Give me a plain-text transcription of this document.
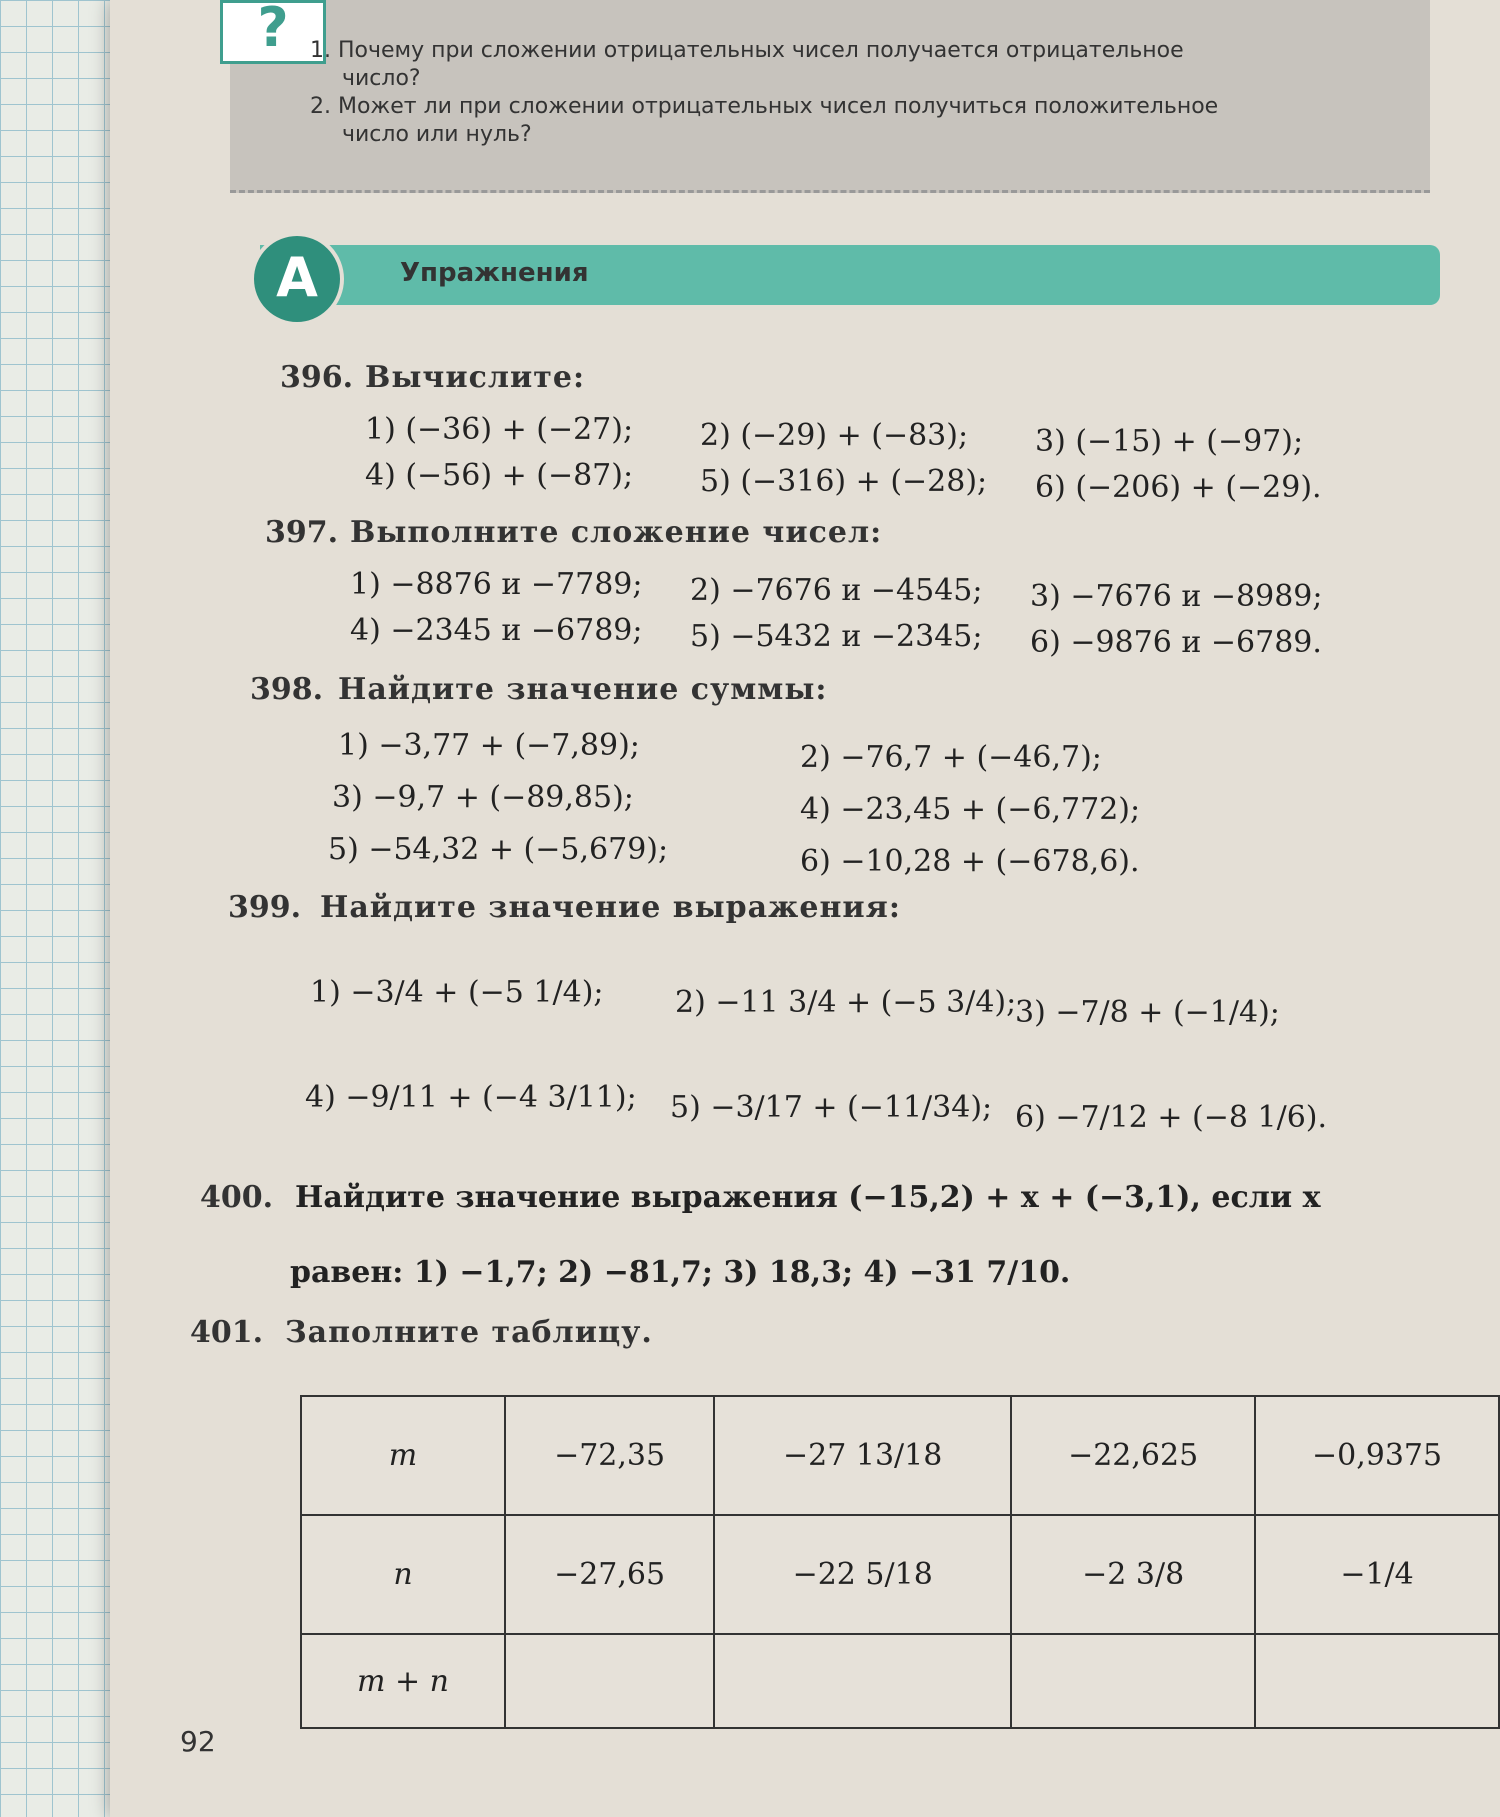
? 1. Почему при сложении отрицательных чисел получается отрицательное
число?
2. Может ли при сложении отрицательных чисел получиться положительное
число или нуль?
А	Упражнения
396. Вычислите:
1) (−36) + (−27); 2) (−29) + (−83); 3) (−15) + (−97);
4) (−56) + (−87); 5) (−316) + (−28); 6) (−206) + (−29).
397. Выполните сложение чисел:
1) −8876 и −7789; 2) −7676 и −4545; 3) −7676 и −8989;
4) −2345 и −6789; 5) −5432 и −2345; 6) −9876 и −6789.
398. Найдите значение суммы:
1) −3,77 + (−7,89);	2) −76,7 + (−46,7);
3) −9,7 + (−89,85);	4) −23,45 + (−6,772);
5) −54,32 + (−5,679);	6) −10,28 + (−678,6).
399. Найдите значение выражения:
1) −3/4 + (−5 1/4); 2) −11 3/4 + (−5 3/4);
3) −7/8 + (−1/4);
4) −9/11 + (−4 3/11); 5) −3/17 + (−11/34); 6) −7/12 + (−8 1/6).
400. Найдите значение выражения (−15,2) + x + (−3,1), если x
равен: 1) −1,7; 2) −81,7; 3) 18,3; 4) −31 7/10.
401. Заполните таблицу.
m	−72,35	−27 13/18	−22,625	−0,9375
n	−27,65	−22 5/18	−2 3/8	−1/4
m + n				
92
